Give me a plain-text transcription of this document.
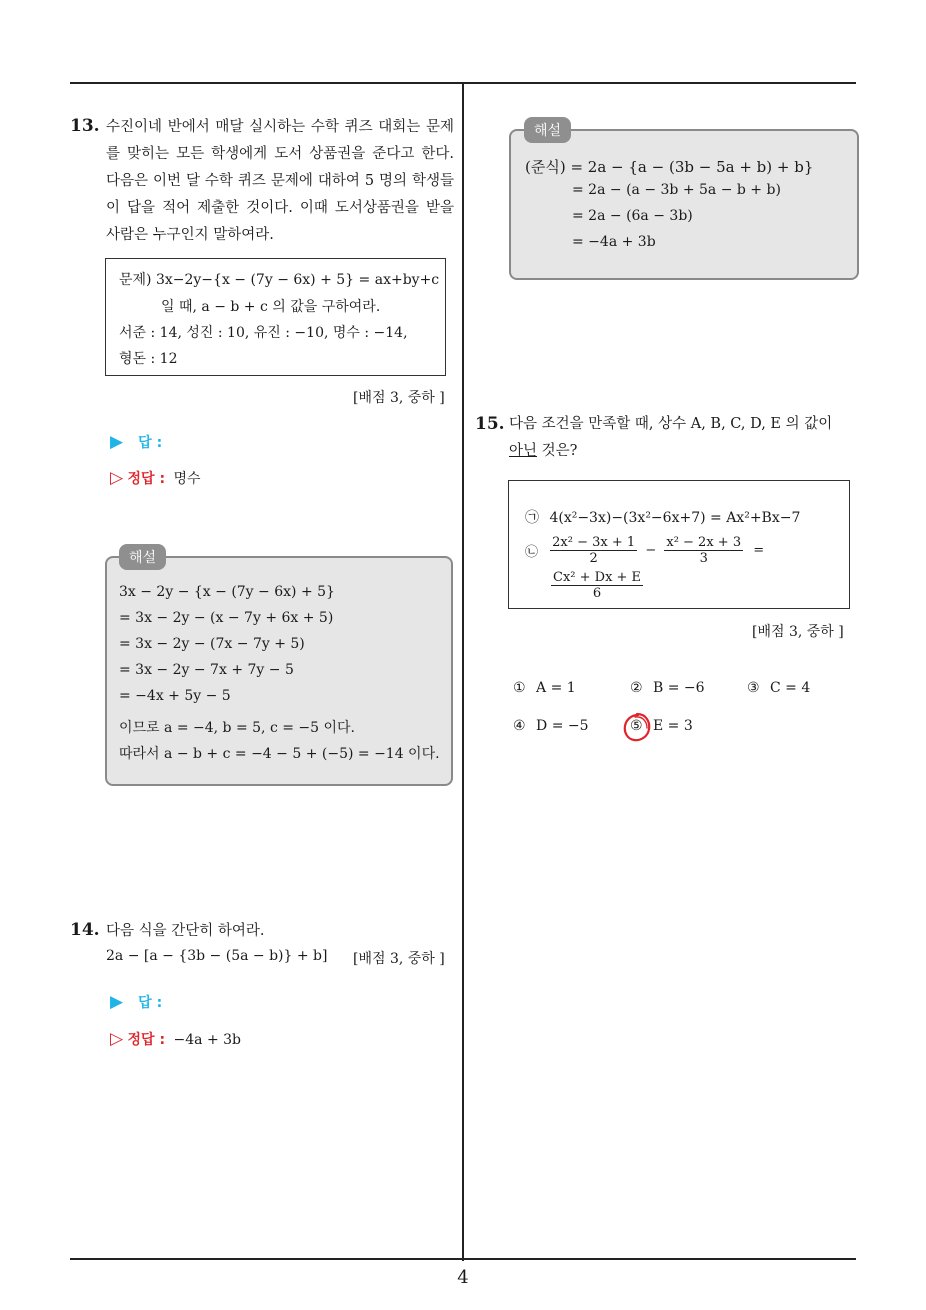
13. 수진이네 반에서 매달 실시하는 수학 퀴즈 대회는 문제를 맞히는 모든 학생에게 도서 상품권을 준다고 한다. 다음은 이번 달 수학 퀴즈 문제에 대하여 5 명의 학생들이 답을 적어 제출한 것이다. 이때 도서상품권을 받을 사람은 누구인지 말하여라.
문제) 3x−2y−{x − (7y − 6x) + 5} = ax+by+c
일 때, a − b + c 의 값을 구하여라.
서준 : 14, 성진 : 10, 유진 : −10, 명수 : −14,
형돈 : 12
[배점 3, 중하 ]
▶ 답 :
▷ 정답 : 명수
해설
3x − 2y − {x − (7y − 6x) + 5}
= 3x − 2y − (x − 7y + 6x + 5)
= 3x − 2y − (7x − 7y + 5)
= 3x − 2y − 7x + 7y − 5
= −4x + 5y − 5
이므로 a = −4, b = 5, c = −5 이다.
따라서 a − b + c = −4 − 5 + (−5) = −14 이다.
14. 다음 식을 간단히 하여라.
2a − [a − {3b − (5a − b)} + b] [배점 3, 중하 ]
▶ 답 :
▷ 정답 : −4a + 3b
해설
(준식) = 2a − {a − (3b − 5a + b) + b}
= 2a − (a − 3b + 5a − b + b)
= 2a − (6a − 3b)
= −4a + 3b
15. 다음 조건을 만족할 때, 상수 A, B, C, D, E 의 값이
아닌 것은?
㉠ 4(x²−3x)−(3x²−6x+7) = Ax²+Bx−7
㉡ $\frac{\text{2x² − 3x + 1}}{2} - \frac{\text{x² − 2x + 3}}{3}$ =
$\frac{\text{Cx² + Dx + E}}{6}$
[배점 3, 중하 ]
① A = 1	② B = −6	③ C = 4
④ D = −5	⑤ E = 3
4
